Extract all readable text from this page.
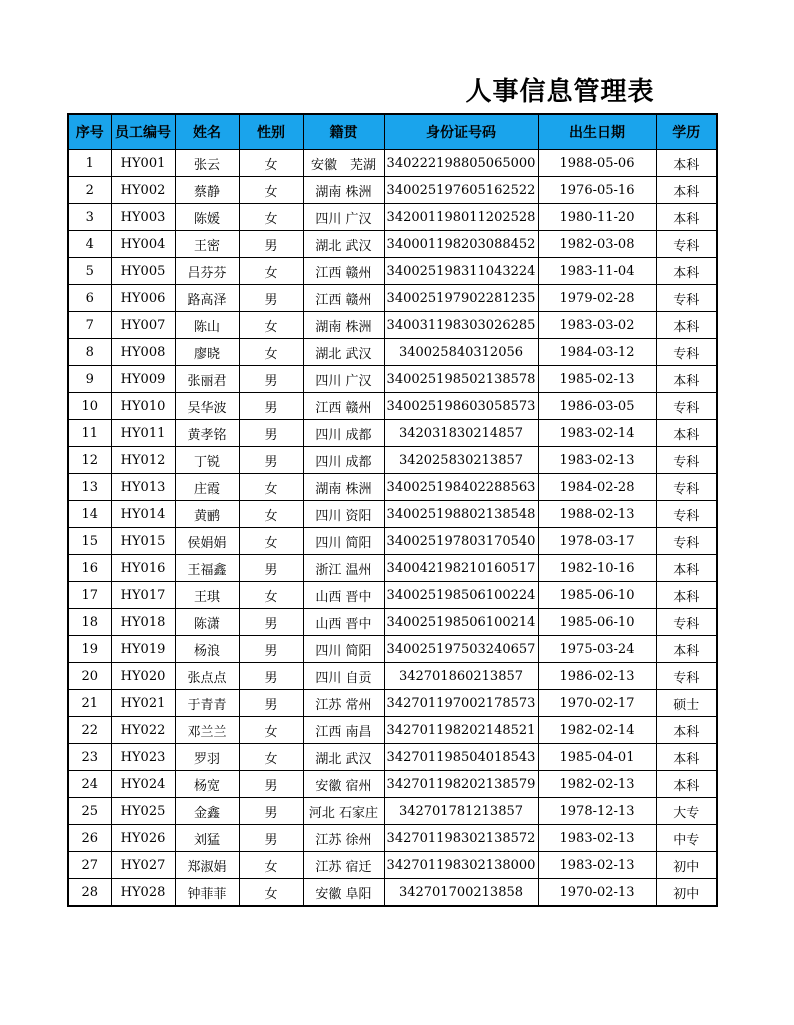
人事信息管理表
序号	员工编号	姓名	性别	籍贯	身份证号码	出生日期	学历
1	HY001	张云	女	安徽　芜湖	340222198805065000	1988-05-06	本科
2	HY002	蔡静	女	湖南 株洲	340025197605162522	1976-05-16	本科
3	HY003	陈媛	女	四川 广汉	342001198011202528	1980-11-20	本科
4	HY004	王密	男	湖北 武汉	340001198203088452	1982-03-08	专科
5	HY005	吕芬芬	女	江西 赣州	340025198311043224	1983-11-04	本科
6	HY006	路高泽	男	江西 赣州	340025197902281235	1979-02-28	专科
7	HY007	陈山	女	湖南 株洲	340031198303026285	1983-03-02	本科
8	HY008	廖晓	女	湖北 武汉	340025840312056	1984-03-12	专科
9	HY009	张丽君	男	四川 广汉	340025198502138578	1985-02-13	本科
10	HY010	吴华波	男	江西 赣州	340025198603058573	1986-03-05	专科
11	HY011	黄孝铭	男	四川 成都	342031830214857	1983-02-14	本科
12	HY012	丁锐	男	四川 成都	342025830213857	1983-02-13	专科
13	HY013	庄霞	女	湖南 株洲	340025198402288563	1984-02-28	专科
14	HY014	黄鹂	女	四川 资阳	340025198802138548	1988-02-13	专科
15	HY015	侯娟娟	女	四川 简阳	340025197803170540	1978-03-17	专科
16	HY016	王福鑫	男	浙江 温州	340042198210160517	1982-10-16	本科
17	HY017	王琪	女	山西 晋中	340025198506100224	1985-06-10	本科
18	HY018	陈潇	男	山西 晋中	340025198506100214	1985-06-10	专科
19	HY019	杨浪	男	四川 简阳	340025197503240657	1975-03-24	本科
20	HY020	张点点	男	四川 自贡	342701860213857	1986-02-13	专科
21	HY021	于青青	男	江苏 常州	342701197002178573	1970-02-17	硕士
22	HY022	邓兰兰	女	江西 南昌	342701198202148521	1982-02-14	本科
23	HY023	罗羽	女	湖北 武汉	342701198504018543	1985-04-01	本科
24	HY024	杨宽	男	安徽 宿州	342701198202138579	1982-02-13	本科
25	HY025	金鑫	男	河北 石家庄	342701781213857	1978-12-13	大专
26	HY026	刘猛	男	江苏 徐州	342701198302138572	1983-02-13	中专
27	HY027	郑淑娟	女	江苏 宿迁	342701198302138000	1983-02-13	初中
28	HY028	钟菲菲	女	安徽 阜阳	342701700213858	1970-02-13	初中
